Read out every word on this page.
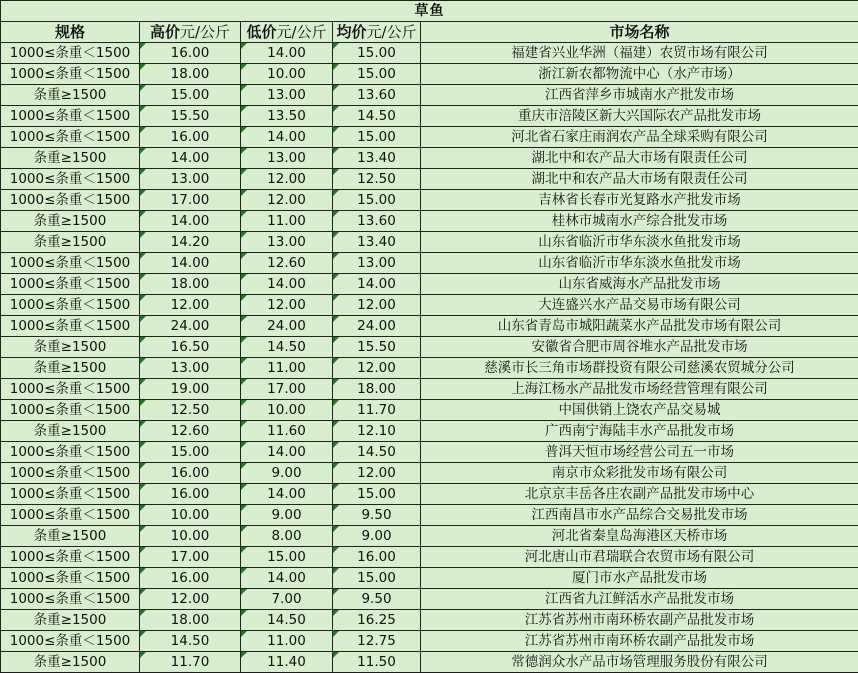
草鱼				
规格	高价元/公斤	低价元/公斤	均价元/公斤	市场名称
1000≤条重＜1500	16.00	14.00	15.00	福建省兴业华洲（福建）农贸市场有限公司
1000≤条重＜1500	18.00	10.00	15.00	浙江新农都物流中心（水产市场）
条重≥1500	15.00	13.00	13.60	江西省萍乡市城南水产批发市场
1000≤条重＜1500	15.50	13.50	14.50	重庆市涪陵区新大兴国际农产品批发市场
1000≤条重＜1500	16.00	14.00	15.00	河北省石家庄雨润农产品全球采购有限公司
条重≥1500	14.00	13.00	13.40	湖北中和农产品大市场有限责任公司
1000≤条重＜1500	13.00	12.00	12.50	湖北中和农产品大市场有限责任公司
1000≤条重＜1500	17.00	12.00	15.00	吉林省长春市光复路水产批发市场
条重≥1500	14.00	11.00	13.60	桂林市城南水产综合批发市场
条重≥1500	14.20	13.00	13.40	山东省临沂市华东淡水鱼批发市场
1000≤条重＜1500	14.00	12.60	13.00	山东省临沂市华东淡水鱼批发市场
1000≤条重＜1500	18.00	14.00	14.00	山东省威海水产品批发市场
1000≤条重＜1500	12.00	12.00	12.00	大连盛兴水产品交易市场有限公司
1000≤条重＜1500	24.00	24.00	24.00	山东省青岛市城阳蔬菜水产品批发市场有限公司
条重≥1500	16.50	14.50	15.50	安徽省合肥市周谷堆水产品批发市场
条重≥1500	13.00	11.00	12.00	慈溪市长三角市场群投资有限公司慈溪农贸城分公司
1000≤条重＜1500	19.00	17.00	18.00	上海江杨水产品批发市场经营管理有限公司
1000≤条重＜1500	12.50	10.00	11.70	中国供销上饶农产品交易城
条重≥1500	12.60	11.60	12.10	广西南宁海陆丰水产品批发市场
1000≤条重＜1500	15.00	14.00	14.50	普洱天恒市场经营公司五一市场
1000≤条重＜1500	16.00	9.00	12.00	南京市众彩批发市场有限公司
1000≤条重＜1500	16.00	14.00	15.00	北京京丰岳各庄农副产品批发市场中心
1000≤条重＜1500	10.00	9.00	9.50	江西南昌市水产品综合交易批发市场
条重≥1500	10.00	8.00	9.00	河北省秦皇岛海港区天桥市场
1000≤条重＜1500	17.00	15.00	16.00	河北唐山市君瑞联合农贸市场有限公司
1000≤条重＜1500	16.00	14.00	15.00	厦门市水产品批发市场
1000≤条重＜1500	12.00	7.00	9.50	江西省九江鲜活水产品批发市场
条重≥1500	18.00	14.50	16.25	江苏省苏州市南环桥农副产品批发市场
1000≤条重＜1500	14.50	11.00	12.75	江苏省苏州市南环桥农副产品批发市场
条重≥1500	11.70	11.40	11.50	常德润众水产品市场管理服务股份有限公司
